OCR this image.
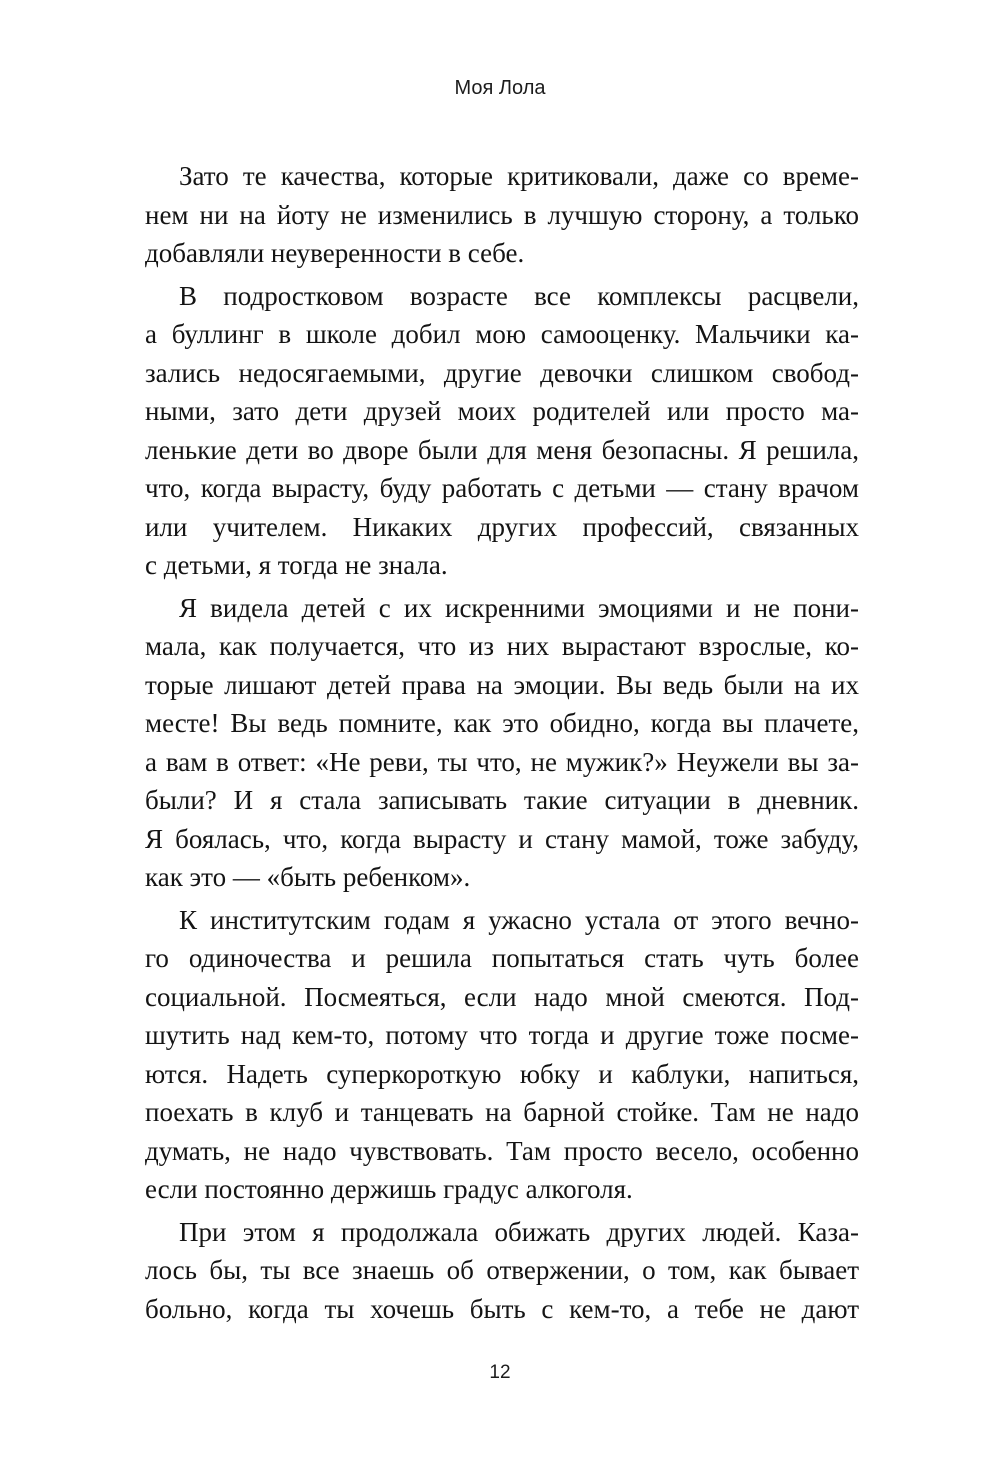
Моя Лола

Зато те качества, которые критиковали, даже со време-
нем ни на йоту не изменились в лучшую сторону, а только
добавляли неуверенности в себе.

В подростковом возрасте все комплексы расцвели,
а буллинг в школе добил мою самооценку. Мальчики ка-
зались недосягаемыми, другие девочки слишком свобод-
ными, зато дети друзей моих родителей или просто ма-
ленькие дети во дворе были для меня безопасны. Я решила,
что, когда вырасту, буду работать с детьми — стану врачом
или учителем. Никаких других профессий, связанных
с детьми, я тогда не знала.

Я видела детей с их искренними эмоциями и не пони-
мала, как получается, что из них вырастают взрослые, ко-
торые лишают детей права на эмоции. Вы ведь были на их
месте! Вы ведь помните, как это обидно, когда вы плачете,
а вам в ответ: «Не реви, ты что, не мужик?» Неужели вы за-
были? И я стала записывать такие ситуации в дневник.
Я боялась, что, когда вырасту и стану мамой, тоже забуду,
как это — «быть ребенком».

К институтским годам я ужасно устала от этого вечно-
го одиночества и решила попытаться стать чуть более
социальной. Посмеяться, если надо мной смеются. Под-
шутить над кем-то, потому что тогда и другие тоже посме-
ются. Надеть суперкороткую юбку и каблуки, напиться,
поехать в клуб и танцевать на барной стойке. Там не надо
думать, не надо чувствовать. Там просто весело, особенно
если постоянно держишь градус алкоголя.

При этом я продолжала обижать других людей. Каза-
лось бы, ты все знаешь об отвержении, о том, как бывает
больно, когда ты хочешь быть с кем-то, а тебе не дают

12
